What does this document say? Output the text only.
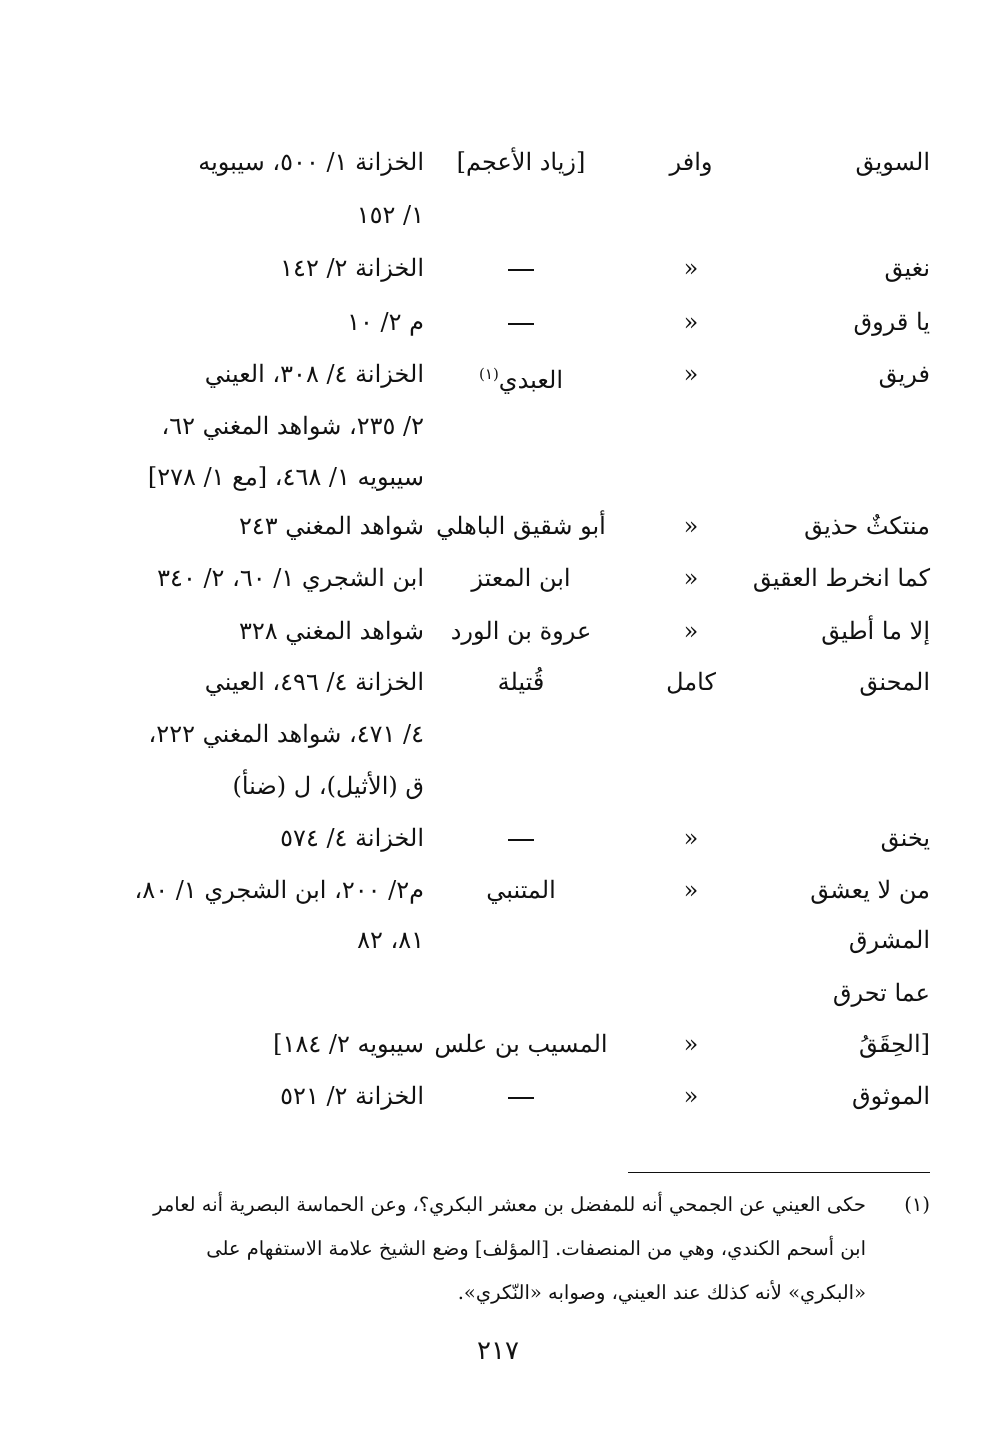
السويق
وافر
[زياد الأعجم]
الخزانة ١/ ٥٠٠، سيبويه
١/ ١٥٢
نغيق
«
الخزانة ٢/ ١٤٢
يا قروق
«
م ٢/ ١٠
فريق
«
العبدي$^{(١)}$
الخزانة ٤/ ٣٠٨، العيني
٢/ ٢٣٥، شواهد المغني ٦٢،
سيبويه ١/ ٤٦٨، [مع ١/ ٢٧٨]
منتكثٌ حذيق
«
أبو شقيق الباهلي
شواهد المغني ٢٤٣
كما انخرط العقيق
«
ابن المعتز
ابن الشجري ١/ ٦٠، ٢/ ٣٤٠
إلا ما أطيق
«
عروة بن الورد
شواهد المغني ٣٢٨
المحنق
كامل
قُتيلة
الخزانة ٤/ ٤٩٦، العيني
٤/ ٤٧١، شواهد المغني ٢٢٢،
ق (الأثيل)، ل (ضنأ)
يخنق
«
الخزانة ٤/ ٥٧٤
من لا يعشق
«
المتنبي
م٢/ ٢٠٠، ابن الشجري ١/ ٨٠،
المشرق
٨١، ٨٢
عما تحرق
[الحِقَقُ
«
المسيب بن علس
سيبويه ٢/ ١٨٤]
الموثوق
«
الخزانة ٢/ ٥٢١
(١)
حكى العيني عن الجمحي أنه للمفضل بن معشر البكري؟، وعن الحماسة البصرية أنه لعامر
ابن أسحم الكندي، وهي من المنصفات. [المؤلف] وضع الشيخ علامة الاستفهام على
«البكري» لأنه كذلك عند العيني، وصوابه «النّكري».
٢١٧
